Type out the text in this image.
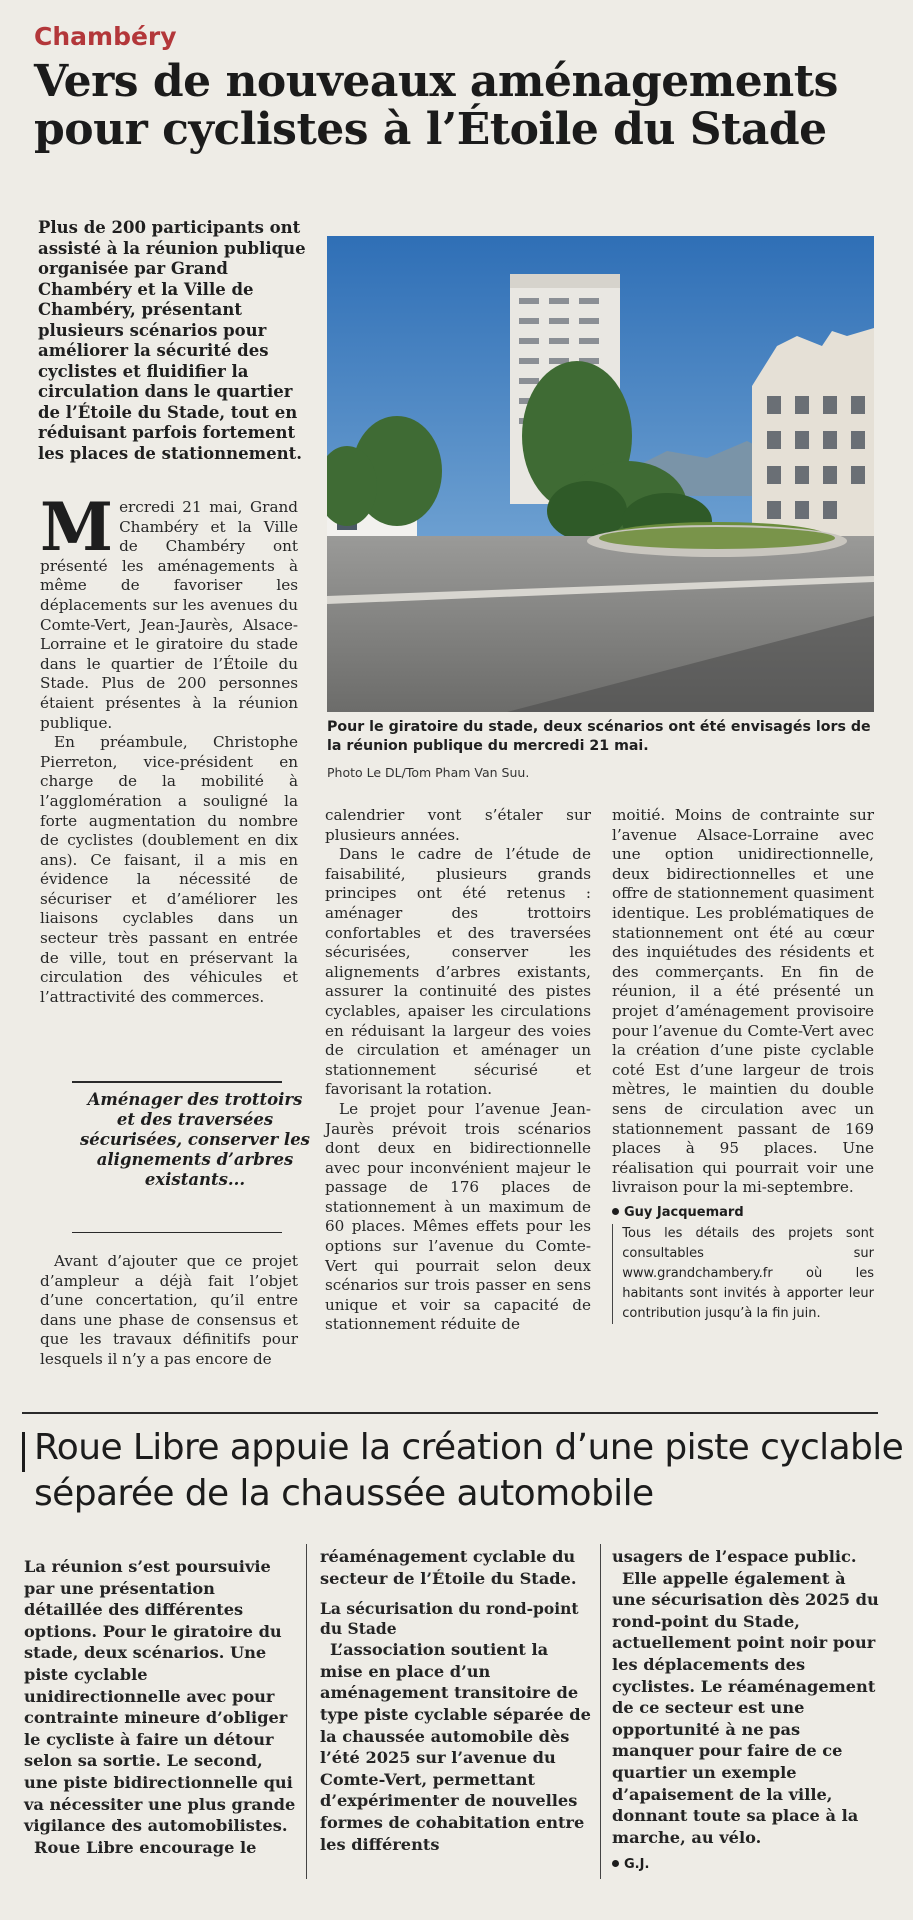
Chambéry
Vers de nouveaux aménagements pour cyclistes à l’Étoile du Stade
Plus de 200 participants ont assisté à la réunion publique organisée par Grand Chambéry et la Ville de Chambéry, présentant plusieurs scénarios pour améliorer la sécurité des cyclistes et fluidifier la circulation dans le quartier de l’Étoile du Stade, tout en réduisant parfois fortement les places de stationnement.

Mercredi 21 mai, Grand Chambéry et la Ville de Chambéry ont présenté les aménagements à même de favoriser les déplacements sur les avenues du Comte-Vert, Jean-Jaurès, Alsace-Lorraine et le giratoire du stade dans le quartier de l’Étoile du Stade. Plus de 200 personnes étaient présentes à la réunion publique.

En préambule, Christophe Pierreton, vice-président en charge de la mobilité à l’agglomération a souligné la forte augmentation du nombre de cyclistes (doublement en dix ans). Ce faisant, il a mis en évidence la nécessité de sécuriser et d’améliorer les liaisons cyclables dans un secteur très passant en entrée de ville, tout en préservant la circulation des véhicules et l’attractivité des commerces.

Aménager des trottoirs et des traversées sécurisées, conserver les alignements d’arbres existants...

Avant d’ajouter que ce projet d’ampleur a déjà fait l’objet d’une concertation, qu’il entre dans une phase de consensus et que les travaux définitifs pour lesquels il n’y a pas encore de

Pour le giratoire du stade, deux scénarios ont été envisagés lors de la réunion publique du mercredi 21 mai.
Photo Le DL/Tom Pham Van Suu.

calendrier vont s’étaler sur plusieurs années.

Dans le cadre de l’étude de faisabilité, plusieurs grands principes ont été retenus : aménager des trottoirs confortables et des traversées sécurisées, conserver les alignements d’arbres existants, assurer la continuité des pistes cyclables, apaiser les circulations en réduisant la largeur des voies de circulation et aménager un stationnement sécurisé et favorisant la rotation.

Le projet pour l’avenue Jean-Jaurès prévoit trois scénarios dont deux en bidirectionnelle avec pour inconvénient majeur le passage de 176 places de stationnement à un maximum de 60 places. Mêmes effets pour les options sur l’avenue du Comte-Vert qui pourrait selon deux scénarios sur trois passer en sens unique et voir sa capacité de stationnement réduite de

moitié. Moins de contrainte sur l’avenue Alsace-Lorraine avec une option unidirectionnelle, deux bidirectionnelles et une offre de stationnement quasiment identique. Les problématiques de stationnement ont été au cœur des inquiétudes des résidents et des commerçants. En fin de réunion, il a été présenté un projet d’aménagement provisoire pour l’avenue du Comte-Vert avec la création d’une piste cyclable coté Est d’une largeur de trois mètres, le maintien du double sens de circulation avec un stationnement passant de 169 places à 95 places. Une réalisation qui pourrait voir une livraison pour la mi-septembre.

Guy Jacquemard
Tous les détails des projets sont consultables sur www.grandchambery.fr où les habitants sont invités à apporter leur contribution jusqu’à la fin juin.
Roue Libre appuie la création d’une piste cyclable séparée de la chaussée automobile

La réunion s’est poursuivie par une présentation détaillée des différentes options. Pour le giratoire du stade, deux scénarios. Une piste cyclable unidirectionnelle avec pour contrainte mineure d’obliger le cycliste à faire un détour selon sa sortie. Le second, une piste bidirectionnelle qui va nécessiter une plus grande vigilance des automobilistes.

Roue Libre encourage le

réaménagement cyclable du secteur de l’Étoile du Stade.

La sécurisation du rond-point du Stade

L’association soutient la mise en place d’un aménagement transitoire de type piste cyclable séparée de la chaussée automobile dès l’été 2025 sur l’avenue du Comte-Vert, permettant d’expérimenter de nouvelles formes de cohabitation entre les différents

usagers de l’espace public.

Elle appelle également à une sécurisation dès 2025 du rond-point du Stade, actuellement point noir pour les déplacements des cyclistes. Le réaménagement de ce secteur est une opportunité à ne pas manquer pour faire de ce quartier un exemple d’apaisement de la ville, donnant toute sa place à la marche, au vélo.

G.J.
